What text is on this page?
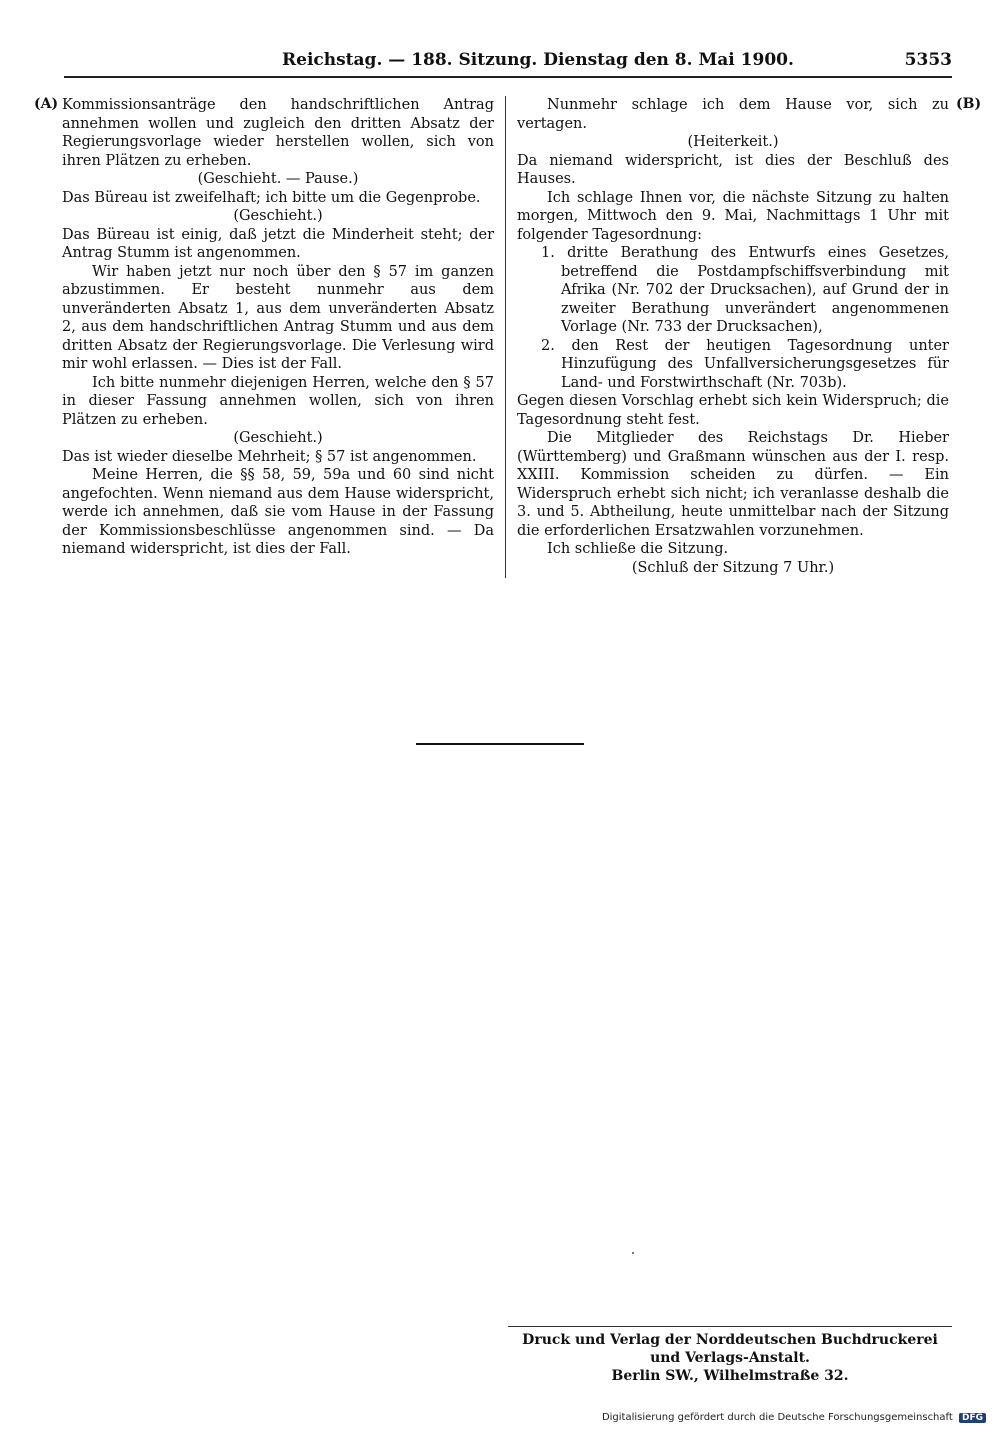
Reichstag. — 188. Sitzung. Dienstag den 8. Mai 1900.	5353
(A)	(B)

Kommissionsanträge den handschriftlichen Antrag annehmen wollen und zugleich den dritten Absatz der Regierungsvorlage wieder herstellen wollen, sich von ihren Plätzen zu erheben.

(Geschieht. — Pause.)

Das Büreau ist zweifelhaft; ich bitte um die Gegenprobe.

(Geschieht.)

Das Büreau ist einig, daß jetzt die Minderheit steht; der Antrag Stumm ist angenommen.

Wir haben jetzt nur noch über den § 57 im ganzen abzustimmen. Er besteht nunmehr aus dem unveränderten Absatz 1, aus dem unveränderten Absatz 2, aus dem handschriftlichen Antrag Stumm und aus dem dritten Absatz der Regierungsvorlage. Die Verlesung wird mir wohl erlassen. — Dies ist der Fall.

Ich bitte nunmehr diejenigen Herren, welche den § 57 in dieser Fassung annehmen wollen, sich von ihren Plätzen zu erheben.

(Geschieht.)

Das ist wieder dieselbe Mehrheit; § 57 ist angenommen.

Meine Herren, die §§ 58, 59, 59a und 60 sind nicht angefochten. Wenn niemand aus dem Hause widerspricht, werde ich annehmen, daß sie vom Hause in der Fassung der Kommissionsbeschlüsse angenommen sind. — Da niemand widerspricht, ist dies der Fall.

Nunmehr schlage ich dem Hause vor, sich zu vertagen.

(Heiterkeit.)

Da niemand widerspricht, ist dies der Beschluß des Hauses.

Ich schlage Ihnen vor, die nächste Sitzung zu halten morgen, Mittwoch den 9. Mai, Nachmittags 1 Uhr mit folgender Tagesordnung:

1. dritte Berathung des Entwurfs eines Gesetzes, betreffend die Postdampfschiffsverbindung mit Afrika (Nr. 702 der Drucksachen), auf Grund der in zweiter Berathung unverändert angenommenen Vorlage (Nr. 733 der Drucksachen),

2. den Rest der heutigen Tagesordnung unter Hinzufügung des Unfallversicherungsgesetzes für Land- und Forstwirthschaft (Nr. 703b).

Gegen diesen Vorschlag erhebt sich kein Widerspruch; die Tagesordnung steht fest.

Die Mitglieder des Reichstags Dr. Hieber (Württemberg) und Graßmann wünschen aus der I. resp. XXIII. Kommission scheiden zu dürfen. — Ein Widerspruch erhebt sich nicht; ich veranlasse deshalb die 3. und 5. Abtheilung, heute unmittelbar nach der Sitzung die erforderlichen Ersatzwahlen vorzunehmen.

Ich schließe die Sitzung.

(Schluß der Sitzung 7 Uhr.)

Druck und Verlag der Norddeutschen Buchdruckerei und Verlags-Anstalt.
Berlin SW., Wilhelmstraße 32.
Digitalisierung gefördert durch die Deutsche Forschungsgemeinschaft DFG
